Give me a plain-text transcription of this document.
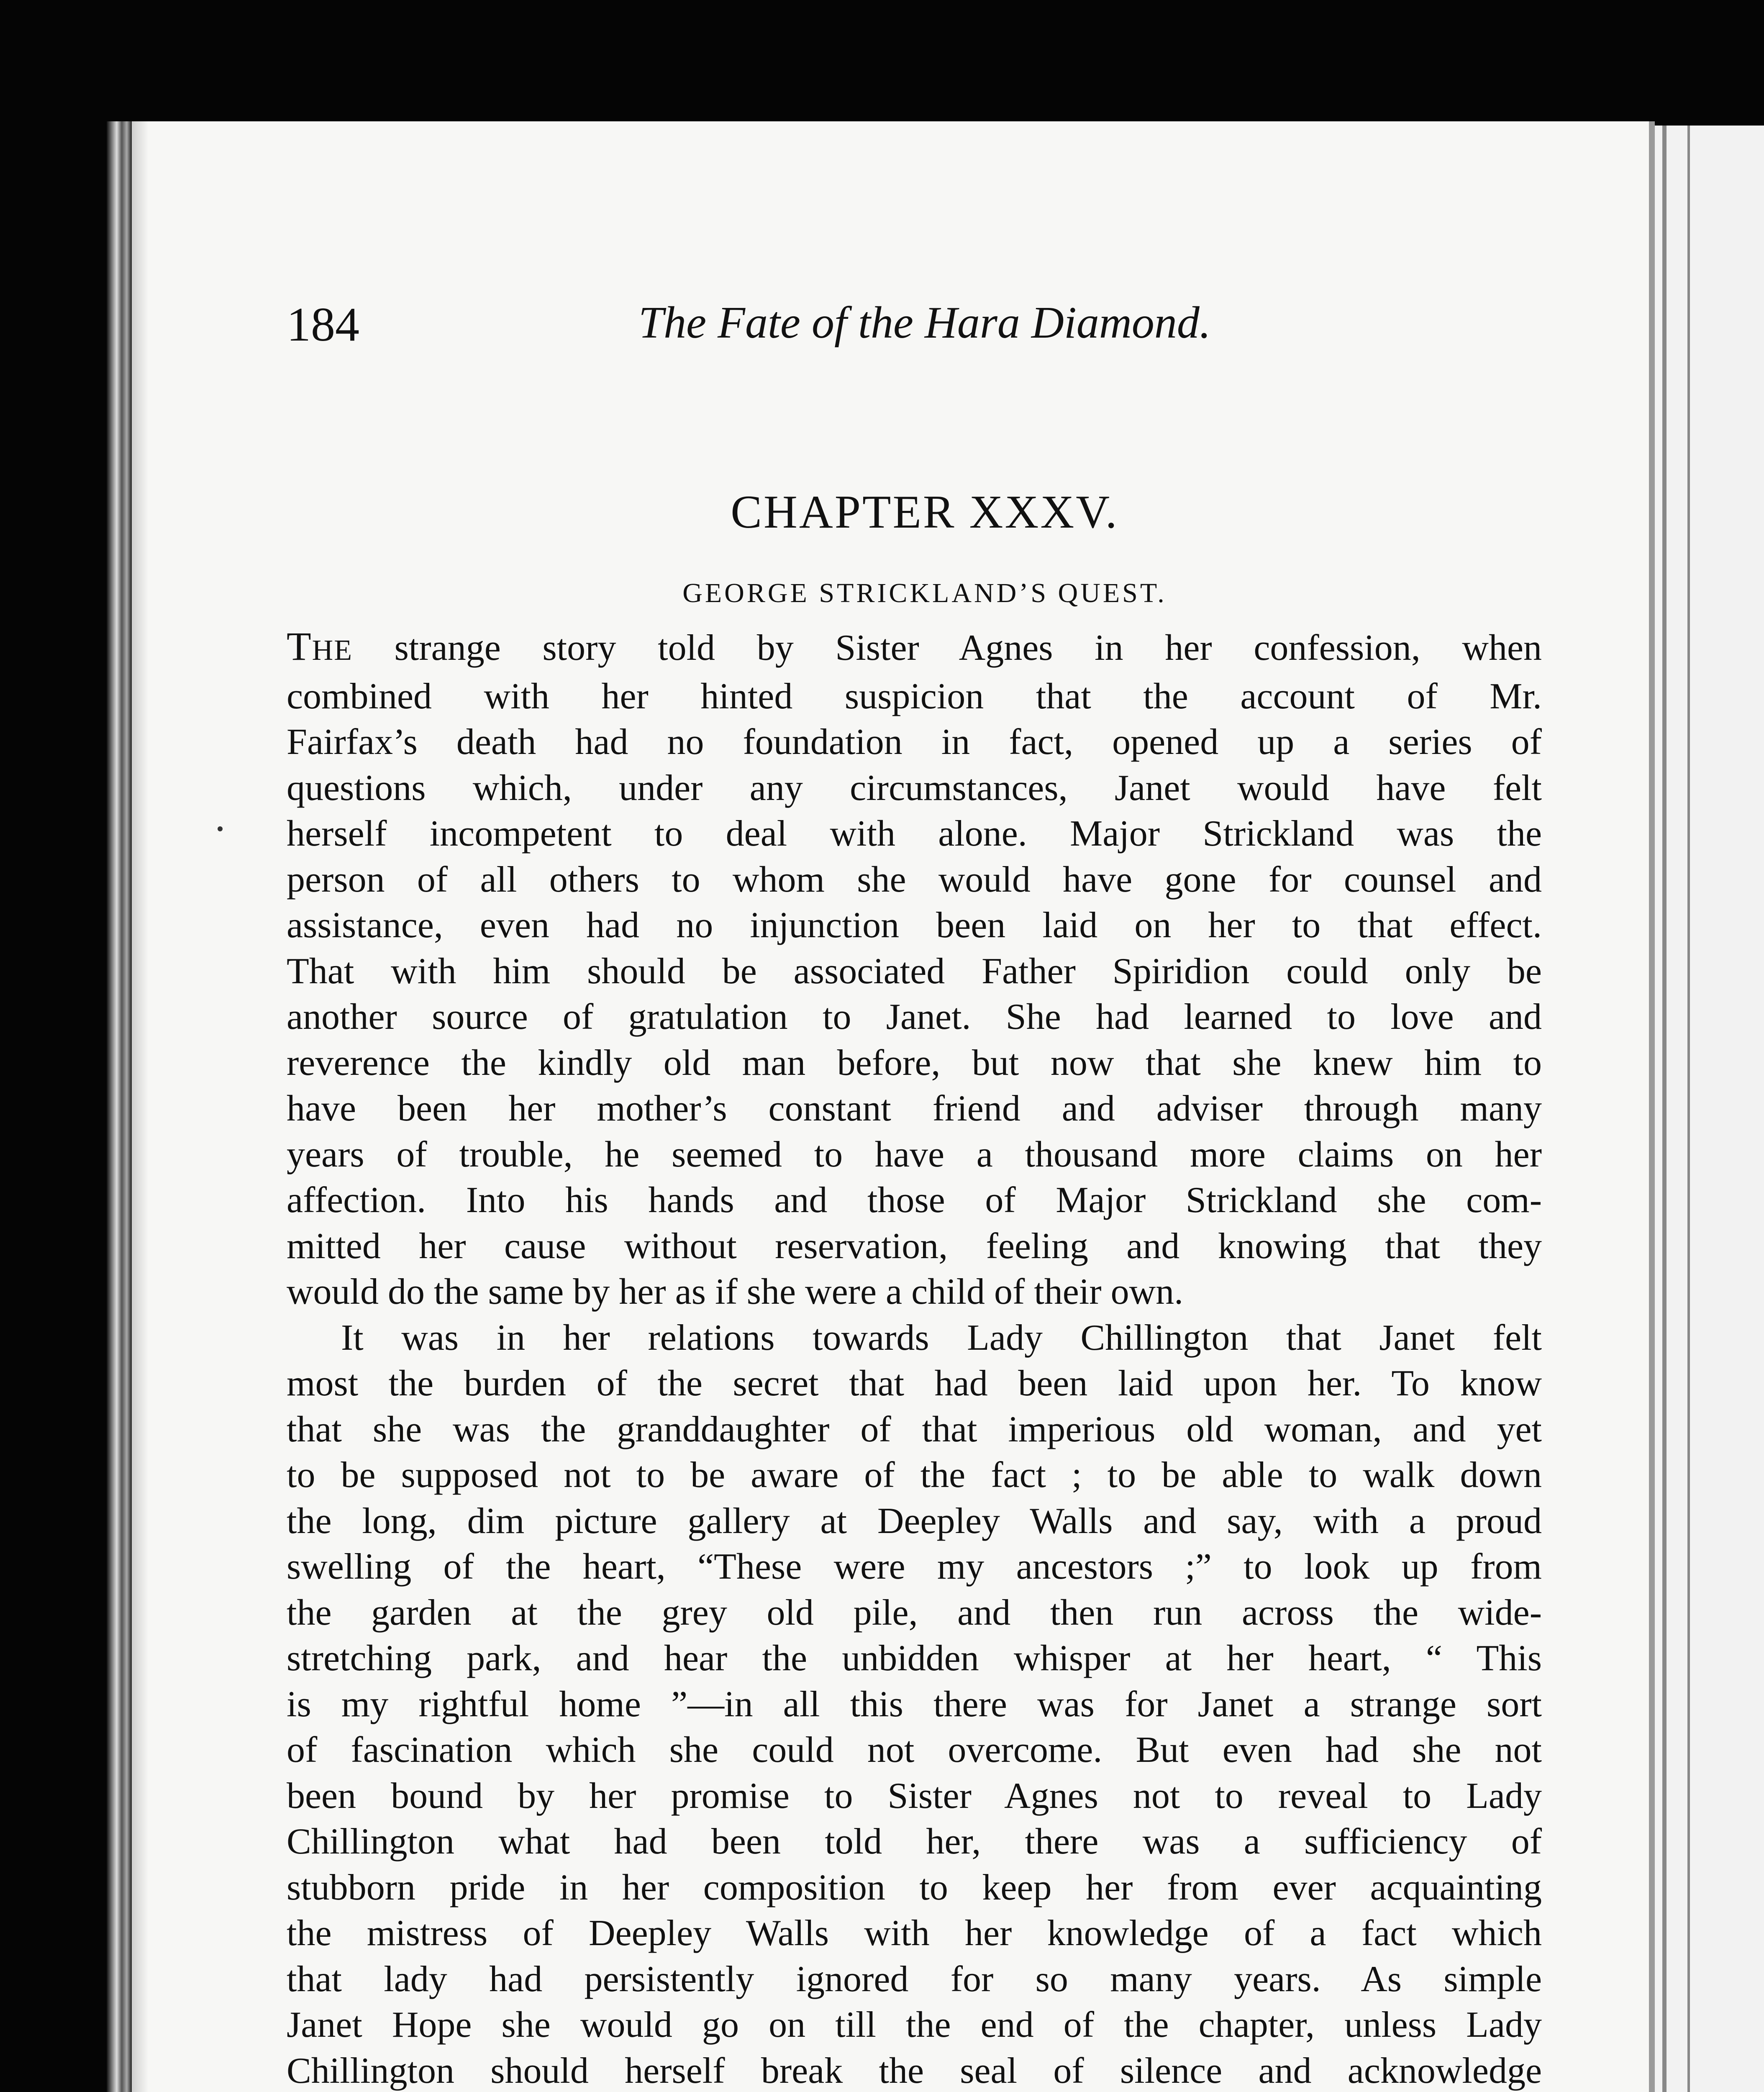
The Fate of the Hara Diamond.
184
CHAPTER XXXV.
GEORGE STRICKLAND’S QUEST.

THE strange story told by Sister Agnes in her confession, when

combined with her hinted suspicion that the account of Mr.

Fairfax’s death had no foundation in fact, opened up a series of

questions which, under any circumstances, Janet would have felt

herself incompetent to deal with alone. Major Strickland was the

person of all others to whom she would have gone for counsel and

assistance, even had no injunction been laid on her to that effect.

That with him should be associated Father Spiridion could only be

another source of gratulation to Janet. She had learned to love and

reverence the kindly old man before, but now that she knew him to

have been her mother’s constant friend and adviser through many

years of trouble, he seemed to have a thousand more claims on her

affection. Into his hands and those of Major Strickland she com-

mitted her cause without reservation, feeling and knowing that they

would do the same by her as if she were a child of their own.

It was in her relations towards Lady Chillington that Janet felt

most the burden of the secret that had been laid upon her. To know

that she was the granddaughter of that imperious old woman, and yet

to be supposed not to be aware of the fact ; to be able to walk down

the long, dim picture gallery at Deepley Walls and say, with a proud

swelling of the heart, “These were my ancestors ;” to look up from

the garden at the grey old pile, and then run across the wide-

stretching park, and hear the unbidden whisper at her heart, “ This

is my rightful home ”—in all this there was for Janet a strange sort

of fascination which she could not overcome. But even had she not

been bound by her promise to Sister Agnes not to reveal to Lady

Chillington what had been told her, there was a sufficiency of

stubborn pride in her composition to keep her from ever acquainting

the mistress of Deepley Walls with her knowledge of a fact which

that lady had persistently ignored for so many years. As simple

Janet Hope she would go on till the end of the chapter, unless Lady

Chillington should herself break the seal of silence and acknowledge
